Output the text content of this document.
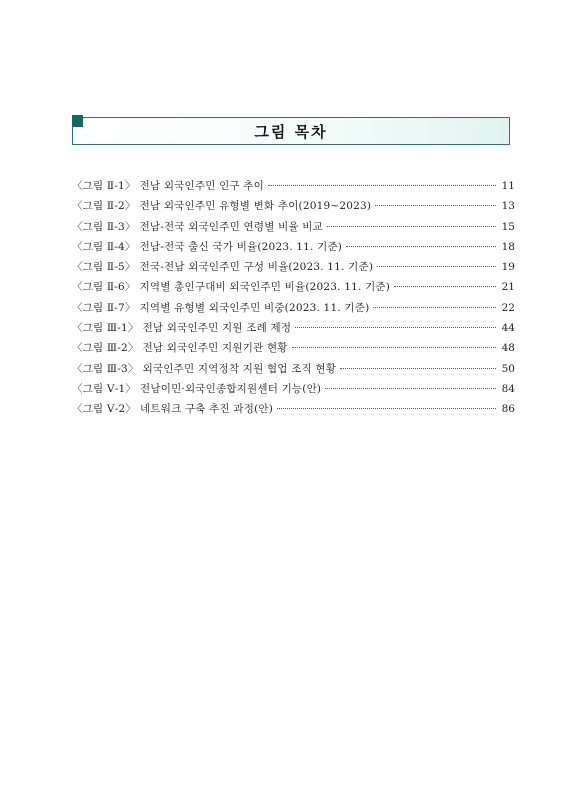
그림 목차
〈그림 Ⅱ-1〉 전남 외국인주민 인구 추이	11
〈그림 Ⅱ-2〉 전남 외국인주민 유형별 변화 추이(2019~2023)	13
〈그림 Ⅱ-3〉 전남-전국 외국인주민 연령별 비율 비교	15
〈그림 Ⅱ-4〉 전남-전국 출신 국가 비율(2023. 11. 기준)	18
〈그림 Ⅱ-5〉 전국-전남 외국인주민 구성 비율(2023. 11. 기준)	19
〈그림 Ⅱ-6〉 지역별 총인구대비 외국인주민 비율(2023. 11. 기준)	21
〈그림 Ⅱ-7〉 지역별 유형별 외국인주민 비중(2023. 11. 기준)	22
〈그림 Ⅲ-1〉 전남 외국인주민 지원 조례 제정	44
〈그림 Ⅲ-2〉 전남 외국인주민 지원기관 현황	48
〈그림 Ⅲ-3〉 외국인주민 지역정착 지원 협업 조직 현황	50
〈그림 Ⅴ-1〉 전남이민·외국인종합지원센터 기능(안)	84
〈그림 Ⅴ-2〉 네트워크 구축 추진 과정(안)	86
